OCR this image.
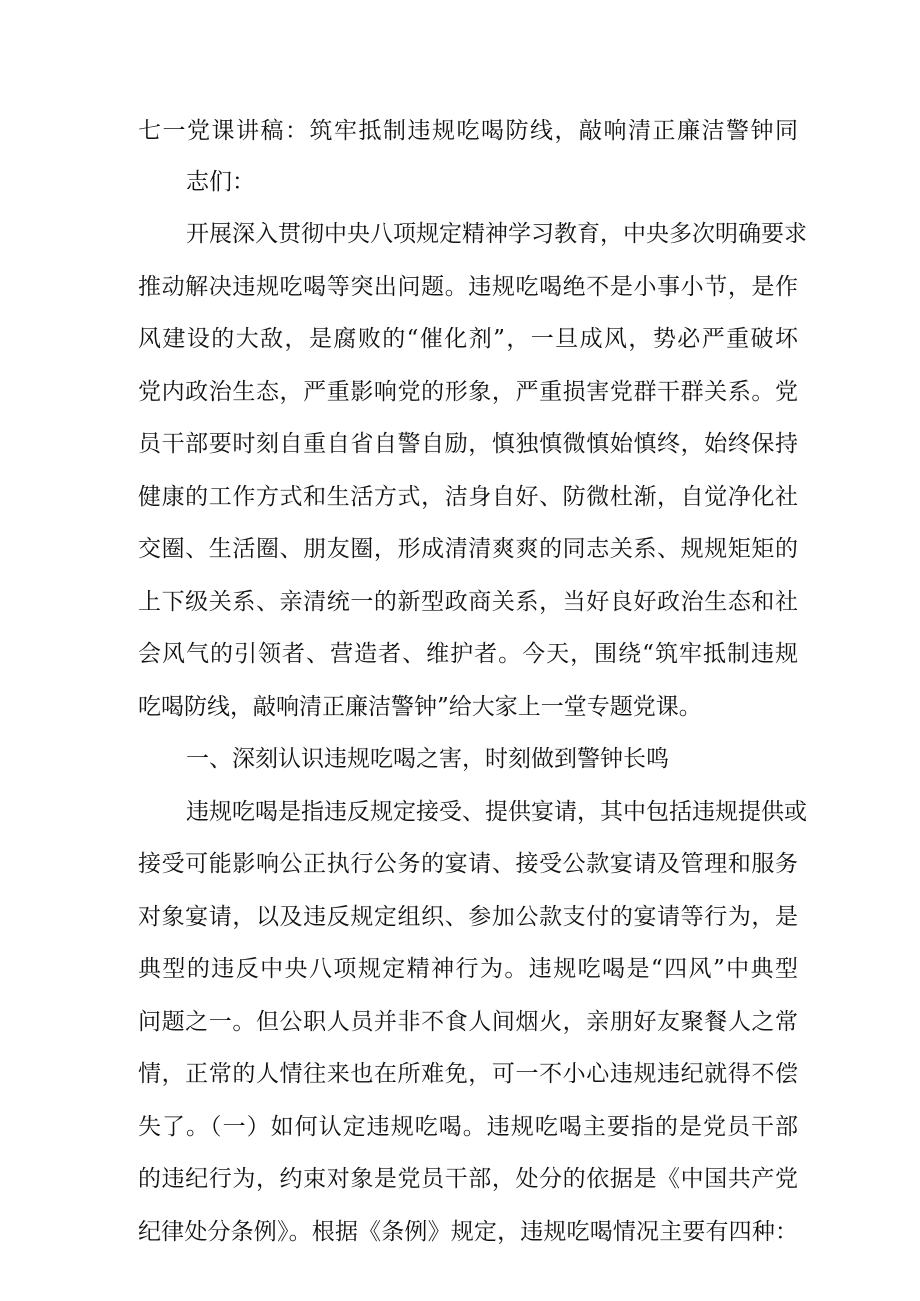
七一党课讲稿：筑牢抵制违规吃喝防线，敲响清正廉洁警钟同
志们：
开展深入贯彻中央八项规定精神学习教育，中央多次明确要求
推动解决违规吃喝等突出问题。违规吃喝绝不是小事小节，是作
风建设的大敌，是腐败的“催化剂”，一旦成风，势必严重破坏
党内政治生态，严重影响党的形象，严重损害党群干群关系。党
员干部要时刻自重自省自警自励，慎独慎微慎始慎终，始终保持
健康的工作方式和生活方式，洁身自好、防微杜渐，自觉净化社
交圈、生活圈、朋友圈，形成清清爽爽的同志关系、规规矩矩的
上下级关系、亲清统一的新型政商关系，当好良好政治生态和社
会风气的引领者、营造者、维护者。今天，围绕“筑牢抵制违规
吃喝防线，敲响清正廉洁警钟”给大家上一堂专题党课。
一、深刻认识违规吃喝之害，时刻做到警钟长鸣
违规吃喝是指违反规定接受、提供宴请，其中包括违规提供或
接受可能影响公正执行公务的宴请、接受公款宴请及管理和服务
对象宴请，以及违反规定组织、参加公款支付的宴请等行为，是
典型的违反中央八项规定精神行为。违规吃喝是“四风”中典型
问题之一。但公职人员并非不食人间烟火，亲朋好友聚餐人之常
情，正常的人情往来也在所难免，可一不小心违规违纪就得不偿
失了。（一）如何认定违规吃喝。违规吃喝主要指的是党员干部
的违纪行为，约束对象是党员干部，处分的依据是《中国共产党
纪律处分条例》。根据《条例》规定，违规吃喝情况主要有四种：
